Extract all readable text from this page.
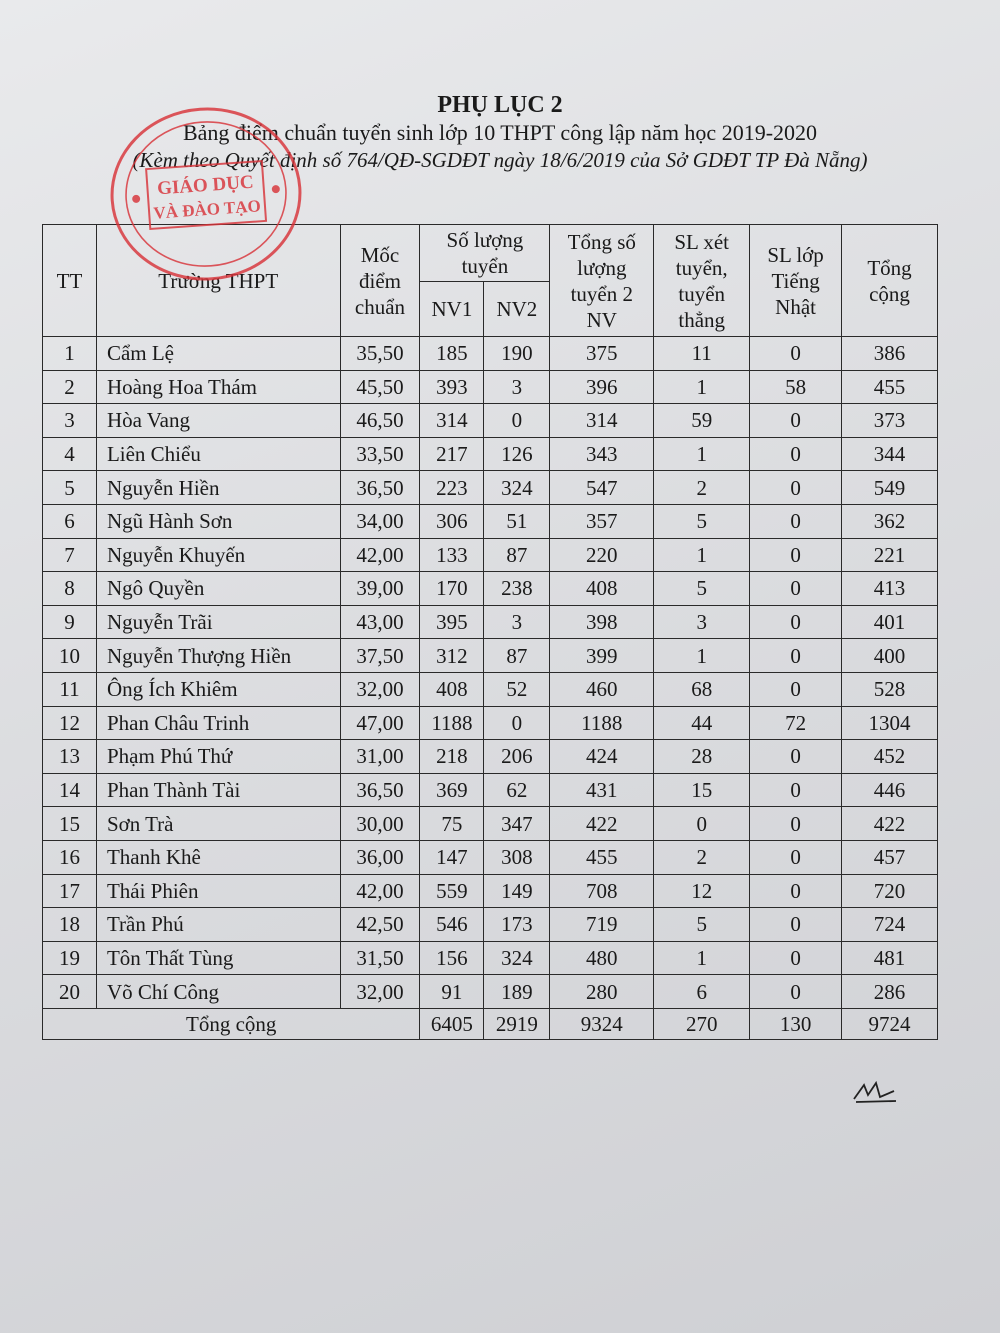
PHỤ LỤC 2
Bảng điểm chuẩn tuyển sinh lớp 10 THPT công lập năm học 2019-2020
(Kèm theo Quyết định số 764/QĐ-SGDĐT ngày 18/6/2019 của Sở GDĐT TP Đà Nẵng)
TT	Trường THPT	Mốc điểm chuẩn	Số lượng tuyển		Tổng số lượng tuyển 2 NV	SL xét tuyển, tuyển thẳng	SL lớp Tiếng Nhật	Tổng cộng
			NV1	NV2				
1	Cẩm Lệ	35,50	185	190	375	11	0	386
2	Hoàng Hoa Thám	45,50	393	3	396	1	58	455
3	Hòa Vang	46,50	314	0	314	59	0	373
4	Liên Chiểu	33,50	217	126	343	1	0	344
5	Nguyễn Hiền	36,50	223	324	547	2	0	549
6	Ngũ Hành Sơn	34,00	306	51	357	5	0	362
7	Nguyễn Khuyến	42,00	133	87	220	1	0	221
8	Ngô Quyền	39,00	170	238	408	5	0	413
9	Nguyễn Trãi	43,00	395	3	398	3	0	401
10	Nguyễn Thượng Hiền	37,50	312	87	399	1	0	400
11	Ông Ích Khiêm	32,00	408	52	460	68	0	528
12	Phan Châu Trinh	47,00	1188	0	1188	44	72	1304
13	Phạm Phú Thứ	31,00	218	206	424	28	0	452
14	Phan Thành Tài	36,50	369	62	431	15	0	446
15	Sơn Trà	30,00	75	347	422	0	0	422
16	Thanh Khê	36,00	147	308	455	2	0	457
17	Thái Phiên	42,00	559	149	708	12	0	720
18	Trần Phú	42,50	546	173	719	5	0	724
19	Tôn Thất Tùng	31,50	156	324	480	1	0	481
20	Võ Chí Công	32,00	91	189	280	6	0	286
Tổng cộng			6405	2919	9324	270	130	9724
GIÁO DỤC
VÀ ĐÀO TẠO
